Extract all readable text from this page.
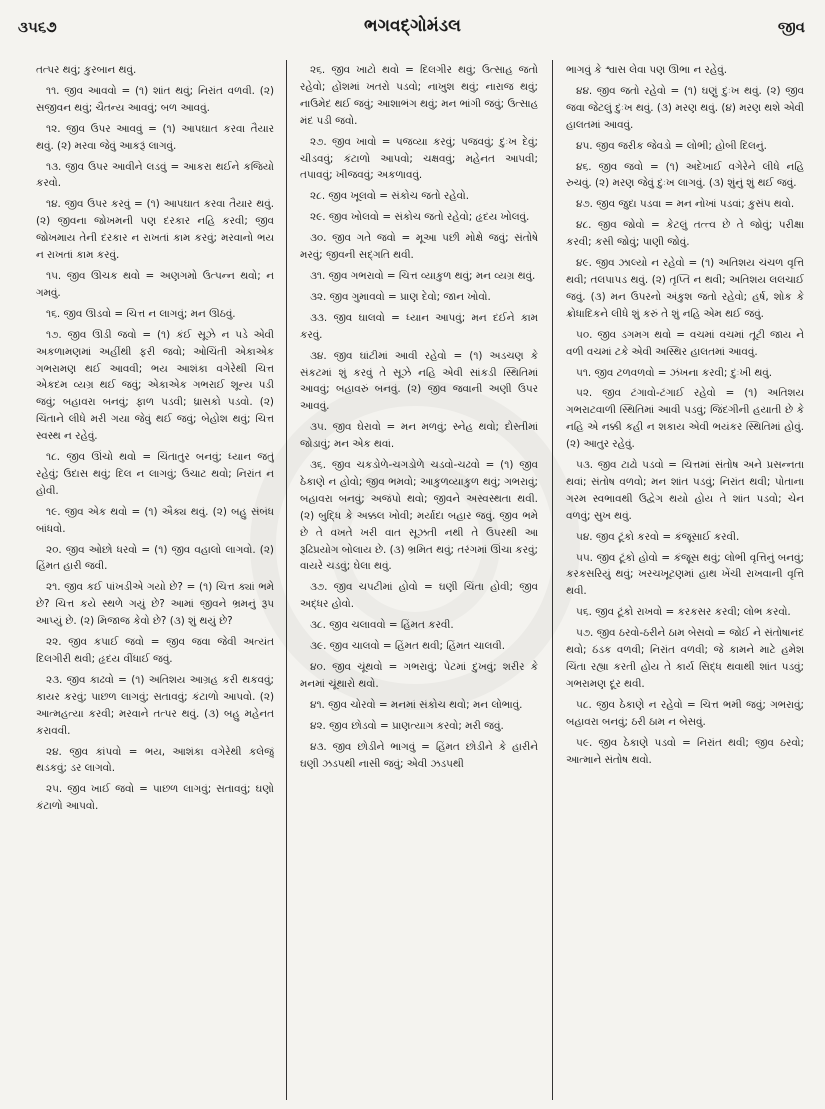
૩૫૬૭	ભગવદ્ગોમંડલ	જીવ

તત્પર થવું; કુરબાન થવું.

૧૧. જીવ આવવો = (૧) શાંત થવું; નિરાંત વળવી. (૨) સજીવન થવું; ચૈતન્ય આવવું; બળ આવવું.

૧૨. જીવ ઉપર આવવું = (૧) આપઘાત કરવા તૈયાર થવું. (૨) મરવા જેવું આકરૂં લાગવું.

૧૩. જીવ ઉપર આવીને લડવું = આકરા થઈને કજિયો કરવો.

૧૪. જીવ ઉપર કરવું = (૧) આપઘાત કરવા તૈયાર થવું. (૨) જીવના જોખમની પણ દરકાર નહિ કરવી; જીવ જોખમાય તેની દરકાર ન રાખતાં કામ કરવું; મરવાનો ભય ન રાખતાં કામ કરવું.

૧૫. જીવ ઊચક થવો = અણગમો ઉત્પન્ન થવો; ન ગમવું.

૧૬. જીવ ઊડવો = ચિત્ત ન લાગવું; મન ઊઠવું.

૧૭. જીવ ઊડી જવો = (૧) કંઈ સૂઝે ન પડે એવી અકળામણમાં અહીંથી ફરી જવો; ઓચિંતી એકાએક ગભરામણ થઈ આવવી; ભય આશંકા વગેરેથી ચિત્ત એકદમ વ્યગ્ર થઈ જવું; એકાએક ગભરાઈ શૂન્ય પડી જવું; બહાવરા બનવું; ફાળ પડવી; ધ્રાસકો પડવો. (૨) ચિંતાને લીધે મરી ગયા જેવું થઈ જવું; બેહોશ થવું; ચિત્ત સ્વસ્થ ન રહેવું.

૧૮. જીવ ઊંચો થવો = ચિંતાતુર બનવું; ધ્યાન જતું રહેવું; ઉદાસ થવું; દિલ ન લાગવું; ઉચાટ થવો; નિરાંત ન હોવી.

૧૯. જીવ એક થવો = (૧) ઐક્ય થવું. (૨) બહુ સંબંધ બાંધવો.

૨૦. જીવ ઓછો ધરવો = (૧) જીવ વહાલો લાગવો. (૨) હિંમત હારી જવી.

૨૧. જીવ કઈ પાંખડીએ ગયો છે? = (૧) ચિત્ત ક્યાં ભમે છે? ચિત્ત કયે સ્થળે ગયું છે? આમાં જીવને ભ્રમનું રૂપ આપ્યું છે. (૨) મિજાજ કેવો છે? (૩) શું થયું છે?

૨૨. જીવ કપાઈ જવો = જીવ જવા જેવી અત્યંત દિલગીરી થવી; હૃદય વીંધાઈ જવું.

૨૩. જીવ કાઢવો = (૧) અતિશય આગ્રહ કરી થકવવું; કાયર કરવું; પાછળ લાગવું; સતાવવું; કંટાળો આપવો. (૨) આત્મહત્યા કરવી; મરવાને તત્પર થવું. (૩) બહુ મહેનત કરાવવી.

૨૪. જીવ કાંપવો = ભય, આશંકા વગેરેથી કલેજું થડકવું; ડર લાગવો.

૨૫. જીવ ખાઈ જવો = પાછળ લાગવું; સતાવવું; ઘણો કંટાળો આપવો.

૨૬. જીવ ખાટો થવો = દિલગીર થવું; ઉત્સાહ જતો રહેવો; હોંશમાં ખતરો પડવો; નાખુશ થવું; નારાજ થવું; નાઉમેદ થઈ જવું; આશાભંગ થવું; મન ભાંગી જવું; ઉત્સાહ મંદ પડી જવો.

૨૭. જીવ ખાવો = પજવ્યા કરવું; પજવવું; દુઃખ દેવું; ચીડવવું; કંટાળો આપવો; ચક્ષવવું; મહેનત આપવી; તપાવવું; ખીજવવું; અકળાવવું.

૨૮. જીવ ખૂલવો = સંકોચ જતો રહેવો.

૨૯. જીવ ખોલવો = સંકોચ જતો રહેવો; હૃદય ખોલવું.

૩૦. જીવ ગતે જવો = મૂઆ પછી મોક્ષે જવું; સંતોષે મરવું; જીવની સદ્ગતિ થવી.

૩૧. જીવ ગભરાવો = ચિત્ત વ્યાકુળ થવું; મન વ્યગ્ર થવું.

૩૨. જીવ ગુમાવવો = પ્રાણ દેવો; જાન ખોવો.

૩૩. જીવ ઘાલવો = ધ્યાન આપવું; મન દઈને કામ કરવું.

૩૪. જીવ ઘાંટીમાં આવી રહેવો = (૧) અડચણ કે સંકટમાં શું કરવું તે સૂઝે નહિ એવી સાંકડી સ્થિતિમાં આવવું; બહાવરું બનવું. (૨) જીવ જવાની અણી ઉપર આવવું.

૩૫. જીવ ઘેરાવો = મન મળવું; સ્નેહ થવો; દોસ્તીમાં જોડાવું; મન એક થવાં.

૩૬. જીવ ચકડોળે-ચગડોળે ચડવો-ચઢવો = (૧) જીવ ઠેકાણે ન હોવો; જીવ ભમવો; આકુળવ્યાકુળ થવું; ગભરાવું; બહાવરા બનવું; અજંપો થવો; જીવને અસ્વસ્થતા થવી. (૨) બુદ્ધિ કે અક્કલ ખોવી; મર્યાદા બહાર જવું. જીવ ભમે છે તે વખતે ખરી વાત સૂઝતી નથી તે ઉપરથી આ રૂઢિપ્રયોગ બોલાય છે. (૩) ભ્રમિત થવું; તરંગમાં ઊંચા કરવું; વાયરે ચડવું; ઘેલા થવું.

૩૭. જીવ ચપટીમાં હોવો = ઘણી ચિંતા હોવી; જીવ અદ્ધર હોવો.

૩૮. જીવ ચલાવવો = હિંમત કરવી.

૩૯. જીવ ચાલવો = હિંમત થવી; હિંમત ચાલવી.

૪૦. જીવ ચૂંથવો = ગભરાવું; પેટમાં દુખવું; શરીર કે મનમાં ચૂંથારો થવો.

૪૧. જીવ ચોરવો = મનમાં સંકોચ થવો; મન લોભાવું.

૪૨. જીવ છોડવો = પ્રાણત્યાગ કરવો; મરી જવું.

૪૩. જીવ છોડીને ભાગવું = હિંમત છોડીને કે હારીને ઘણી ઝડપથી નાસી જવું; એવી ઝડપથી

ભાગવું કે શ્વાસ લેવા પણ ઊભા ન રહેવું.

૪૪. જીવ જતો રહેવો = (૧) ઘણું દુઃખ થવું. (૨) જીવ જવા જેટલું દુઃખ થવું. (૩) મરણ થવું. (૪) મરણ થશે એવી હાલતમાં આવવું.

૪૫. જીવ જરીક જેવડો = લોભી; હોબી દિલનું.

૪૬. જીવ જવો = (૧) અદેખાઈ વગેરેને લીધે નહિ રુચવું. (૨) મરણ જેવું દુઃખ લાગવું. (૩) શુંનું શું થઈ જવું.

૪૭. જીવ જુદા પડવા = મન નોખાં પડવાં; કુસંપ થવો.

૪૮. જીવ જોવો = કેટલું તત્ત્વ છે તે જોવું; પરીક્ષા કરવી; કસી જોવું; પાણી જોવું.

૪૯. જીવ ઝાલ્યો ન રહેવો = (૧) અતિશય ચંચળ વૃત્તિ થવી; તલપાપડ થવું. (૨) તૃપ્તિ ન થવી; અતિશય લલચાઈ જવું. (૩) મન ઉપરનો અંકુશ જતો રહેવો; હર્ષ, શોક કે ક્રોધાદિકને લીધે શું કરું તે શું નહિ એમ થઈ જવું.

૫૦. જીવ ડગમગ થવો = વચમાં વચમાં તૂટી જાય ને વળી વચમાં ટકે એવી અસ્થિર હાલતમાં આવવું.

૫૧. જીવ ટળવળવો = ઝંખના કરવી; દુઃખી થવું.

૫૨. જીવ ટંગાવો-ટંગાઈ રહેવો = (૧) અતિશય ગભરાટવાળી સ્થિતિમાં આવી પડવું; જિંદગીની હયાતી છે કે નહિ એ નક્કી કહી ન શકાય એવી ભયંકર સ્થિતિમાં હોવું. (૨) આતુર રહેવું.

૫૩. જીવ ટાઢો પડવો = ચિત્તમાં સંતોષ અને પ્રસન્નતા થવાં; સંતોષ વળવો; મન શાંત પડવું; નિરાંત થવી; પોતાના ગરમ સ્વભાવથી ઉદ્વેગ થયો હોય તે શાંત પડવો; ચેન વળવું; સુખ થવું.

૫૪. જીવ ટૂંકો કરવો = કંજૂસાઈ કરવી.

૫૫. જીવ ટૂંકો હોવો = કંજૂસ થવું; લોભી વૃત્તિનું બનવું; કરકસરિયું થવું; ખરચખૂટણમાં હાથ ખેંચી રાખવાની વૃત્તિ થવી.

૫૬. જીવ ટૂંકો રાખવો = કરકસર કરવી; લોભ કરવો.

૫૭. જીવ ઠરવો-ઠરીને ઠામ બેસવો = જોઈ ને સંતોષાનંદ થવો; ઠંડક વળવી; નિરાંત વળવી; જે કામને માટે હમેશ ચિંતા રહ્યા કરતી હોય તે કાર્ય સિદ્ધ થવાથી શાંત પડવું; ગભરામણ દૂર થવી.

૫૮. જીવ ઠેકાણે ન રહેવો = ચિત્ત ભમી જવું; ગભરાવું; બહાવરા બનવું; ઠરી ઠામ ન બેસવું.

૫૯. જીવ ઠેકાણે પડવો = નિરાંત થવી; જીવ ઠરવો; આત્માને સંતોષ થવો.
